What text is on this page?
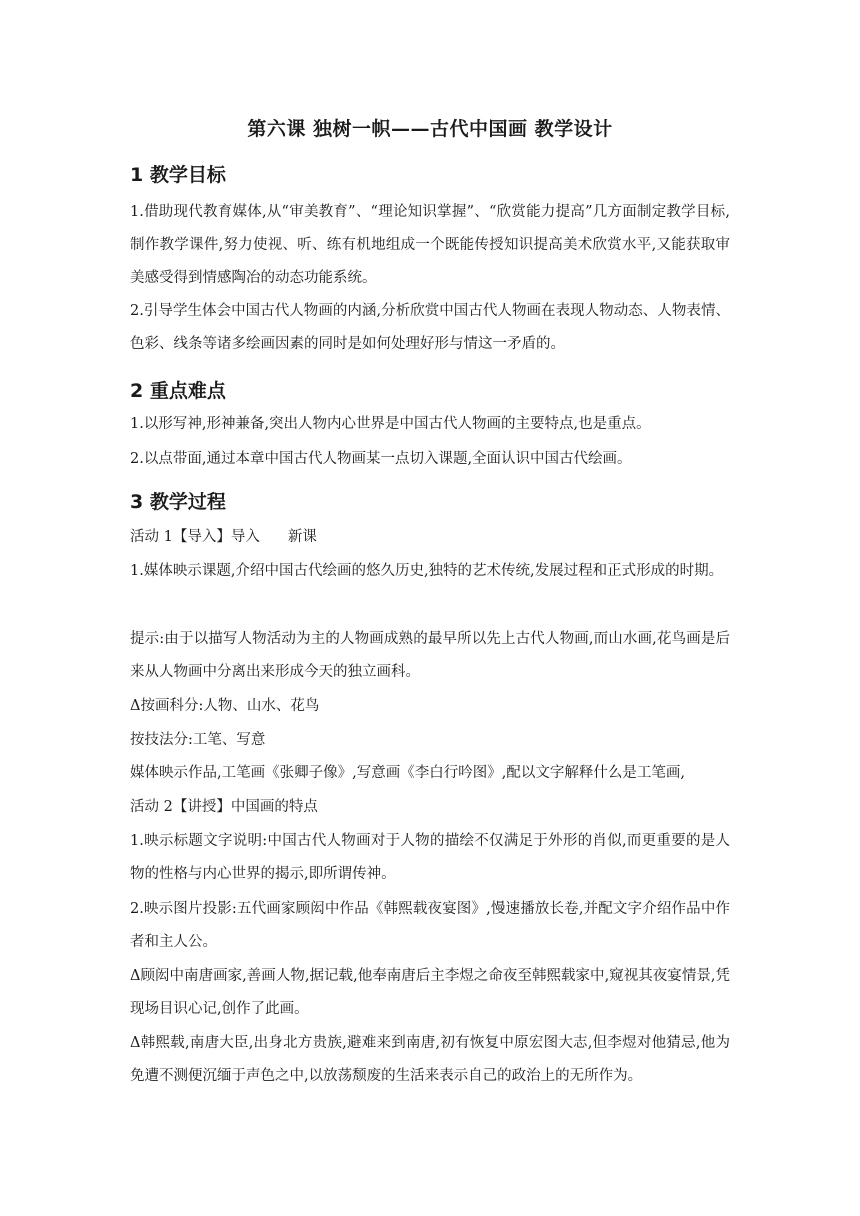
第六课 独树一帜——古代中国画 教学设计
1 教学目标
1.借助现代教育媒体,从“审美教育”、“理论知识掌握”、“欣赏能力提高”几方面制定教学目标,制作教学课件,努力使视、听、练有机地组成一个既能传授知识提高美术欣赏水平,又能获取审美感受得到情感陶冶的动态功能系统。
2.引导学生体会中国古代人物画的内涵,分析欣赏中国古代人物画在表现人物动态、人物表情、色彩、线条等诸多绘画因素的同时是如何处理好形与情这一矛盾的。
2 重点难点
1.以形写神,形神兼备,突出人物内心世界是中国古代人物画的主要特点,也是重点。
2.以点带面,通过本章中国古代人物画某一点切入课题,全面认识中国古代绘画。
3 教学过程
活动 1【导入】导入 新课
1.媒体映示课题,介绍中国古代绘画的悠久历史,独特的艺术传统,发展过程和正式形成的时期。
提示:由于以描写人物活动为主的人物画成熟的最早所以先上古代人物画,而山水画,花鸟画是后来从人物画中分离出来形成今天的独立画科。
Δ按画科分:人物、山水、花鸟
按技法分:工笔、写意
媒体映示作品,工笔画《张卿子像》,写意画《李白行吟图》,配以文字解释什么是工笔画,
活动 2【讲授】中国画的特点
1.映示标题文字说明:中国古代人物画对于人物的描绘不仅满足于外形的肖似,而更重要的是人物的性格与内心世界的揭示,即所谓传神。
2.映示图片投影:五代画家顾闳中作品《韩熙载夜宴图》,慢速播放长卷,并配文字介绍作品中作者和主人公。
Δ顾闳中南唐画家,善画人物,据记载,他奉南唐后主李煜之命夜至韩熙载家中,窥视其夜宴情景,凭现场目识心记,创作了此画。
Δ韩熙载,南唐大臣,出身北方贵族,避难来到南唐,初有恢复中原宏图大志,但李煜对他猜忌,他为免遭不测便沉缅于声色之中,以放荡颓废的生活来表示自己的政治上的无所作为。
